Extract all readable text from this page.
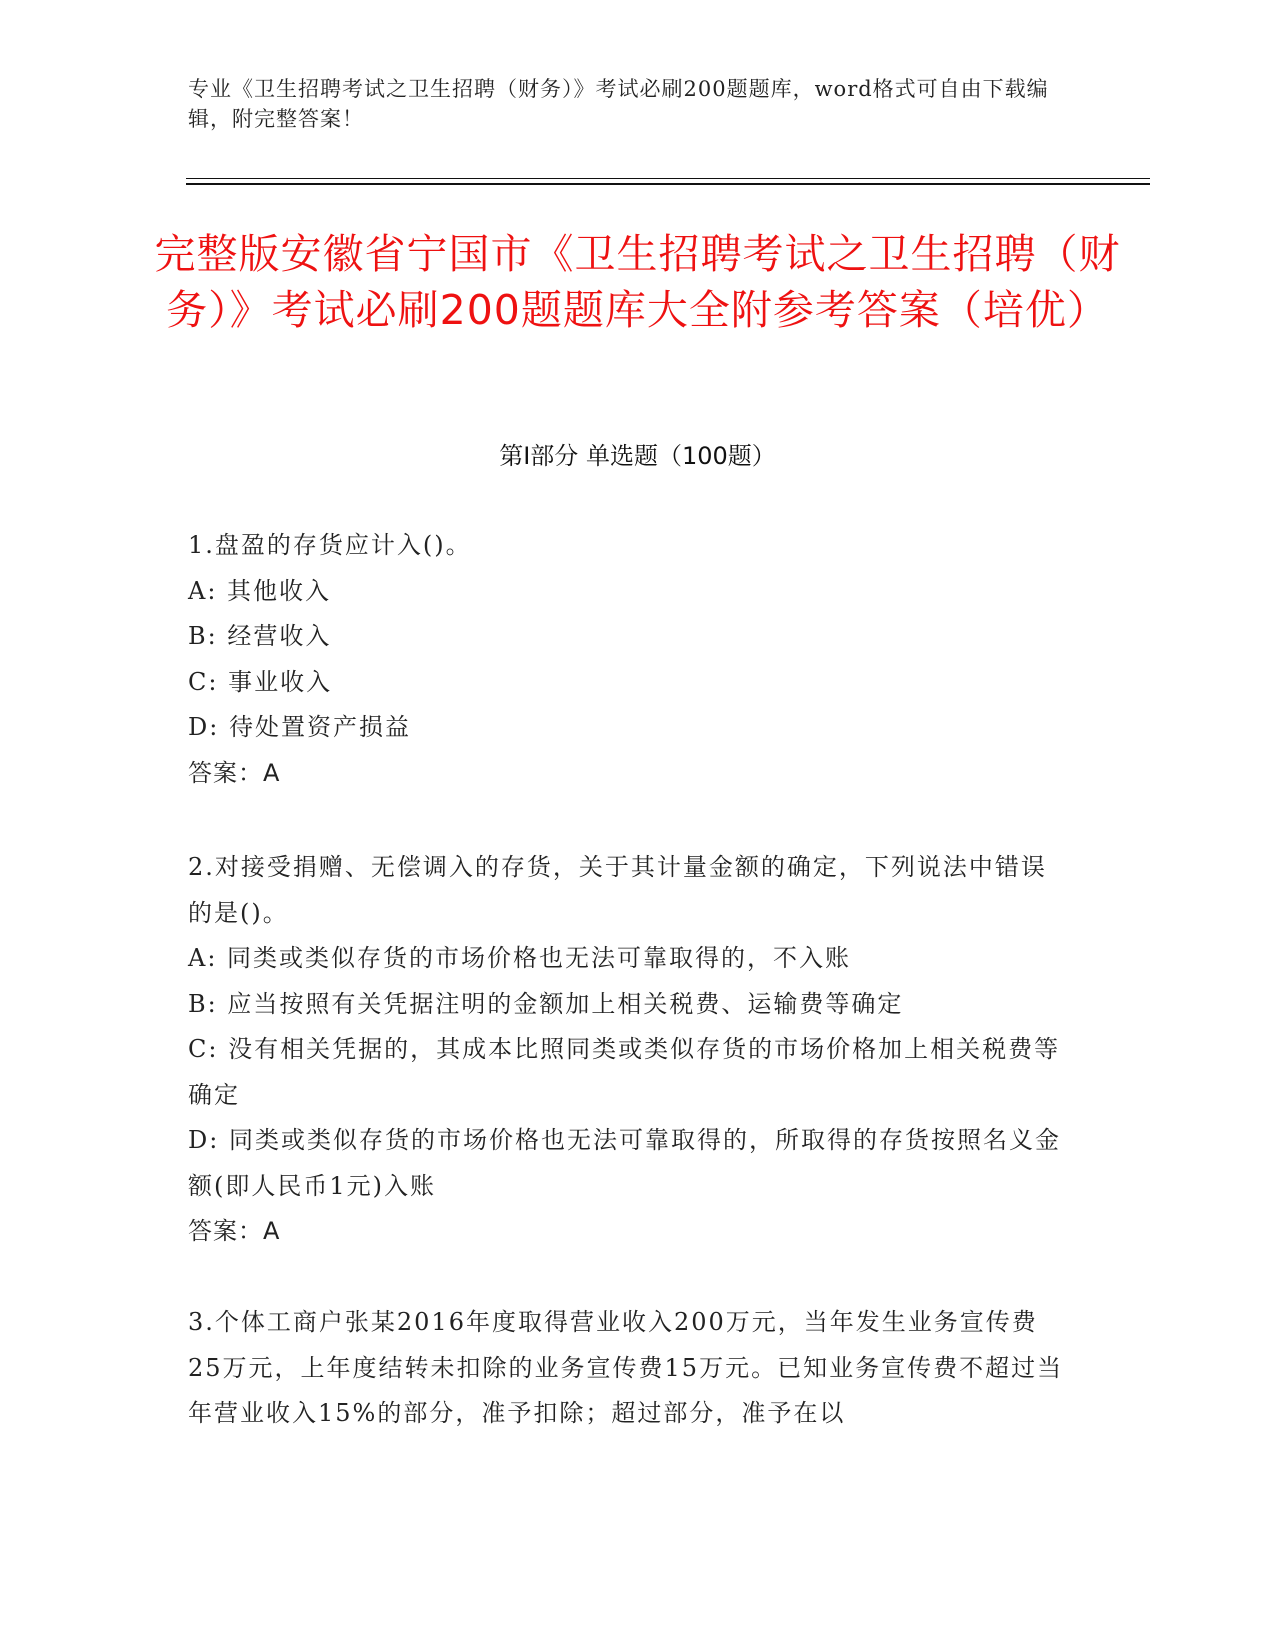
专业《卫生招聘考试之卫生招聘（财务）》考试必刷200题题库，word格式可自由下载编辑，附完整答案！
完整版安徽省宁国市《卫生招聘考试之卫生招聘（财务）》考试必刷200题题库大全附参考答案（培优）
第Ⅰ部分 单选题（100题）
1.盘盈的存货应计入()。
A: 其他收入
B: 经营收入
C: 事业收入
D: 待处置资产损益
答案：A
2.对接受捐赠、无偿调入的存货，关于其计量金额的确定，下列说法中错误的是()。
A: 同类或类似存货的市场价格也无法可靠取得的，不入账
B: 应当按照有关凭据注明的金额加上相关税费、运输费等确定
C: 没有相关凭据的，其成本比照同类或类似存货的市场价格加上相关税费等确定
D: 同类或类似存货的市场价格也无法可靠取得的，所取得的存货按照名义金额(即人民币1元)入账
答案：A
3.个体工商户张某2016年度取得营业收入200万元，当年发生业务宣传费25万元，上年度结转未扣除的业务宣传费15万元。已知业务宣传费不超过当年营业收入15%的部分，准予扣除；超过部分，准予在以
